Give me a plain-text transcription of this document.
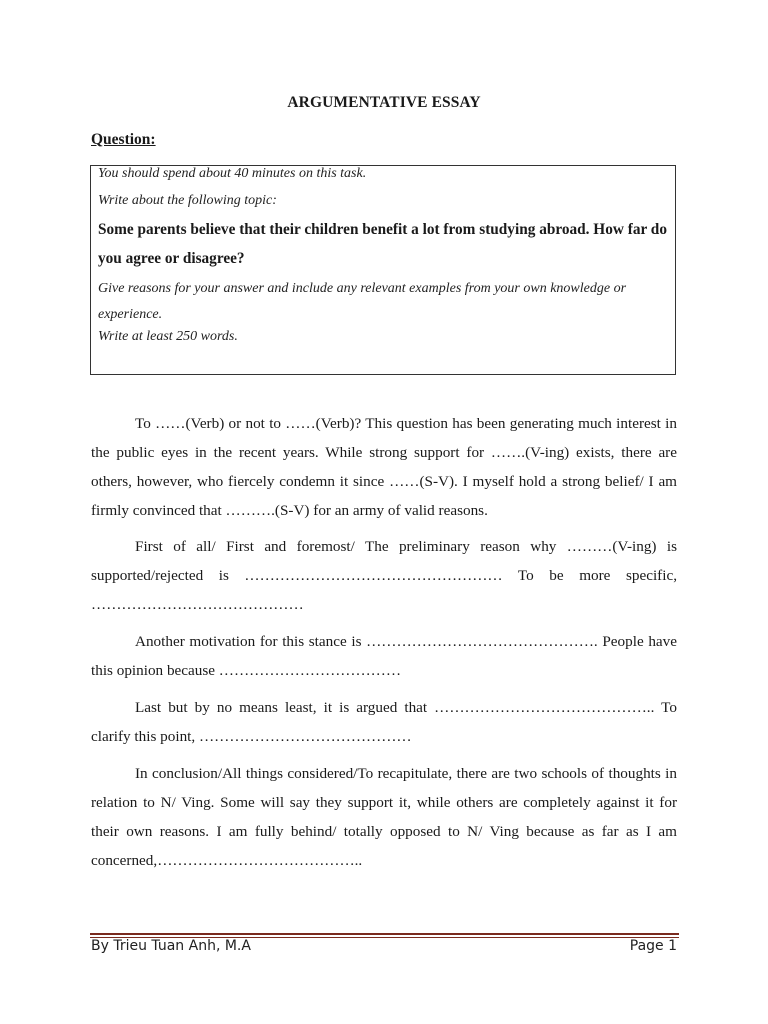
ARGUMENTATIVE ESSAY
Question:
You should spend about 40 minutes on this task.
Write about the following topic:
Some parents believe that their children benefit a lot from studying abroad. How far do you agree or disagree?
Give reasons for your answer and include any relevant examples from your own knowledge or experience.
Write at least 250 words.
To ……(Verb) or not to ……(Verb)? This question has been generating much interest in the public eyes in the recent years. While strong support for …….(V-ing) exists, there are others, however, who fiercely condemn it since ……(S-V). I myself hold a strong belief/ I am firmly convinced that ……….(S-V) for an army of valid reasons.
First of all/ First and foremost/ The preliminary reason why ………(V-ing) is supported/rejected is …………………………………………… To be more specific, ……………………………………
Another motivation for this stance is ………………………………………. People have this opinion because ………………………………
Last but by no means least, it is argued that …………………………………….. To clarify this point, ……………………………………
In conclusion/All things considered/To recapitulate, there are two schools of thoughts in relation to N/ Ving. Some will say they support it, while others are completely against it for their own reasons. I am fully behind/ totally opposed to N/ Ving because as far as I am concerned,…………………………………..
By Trieu Tuan Anh, M.A	Page 1
